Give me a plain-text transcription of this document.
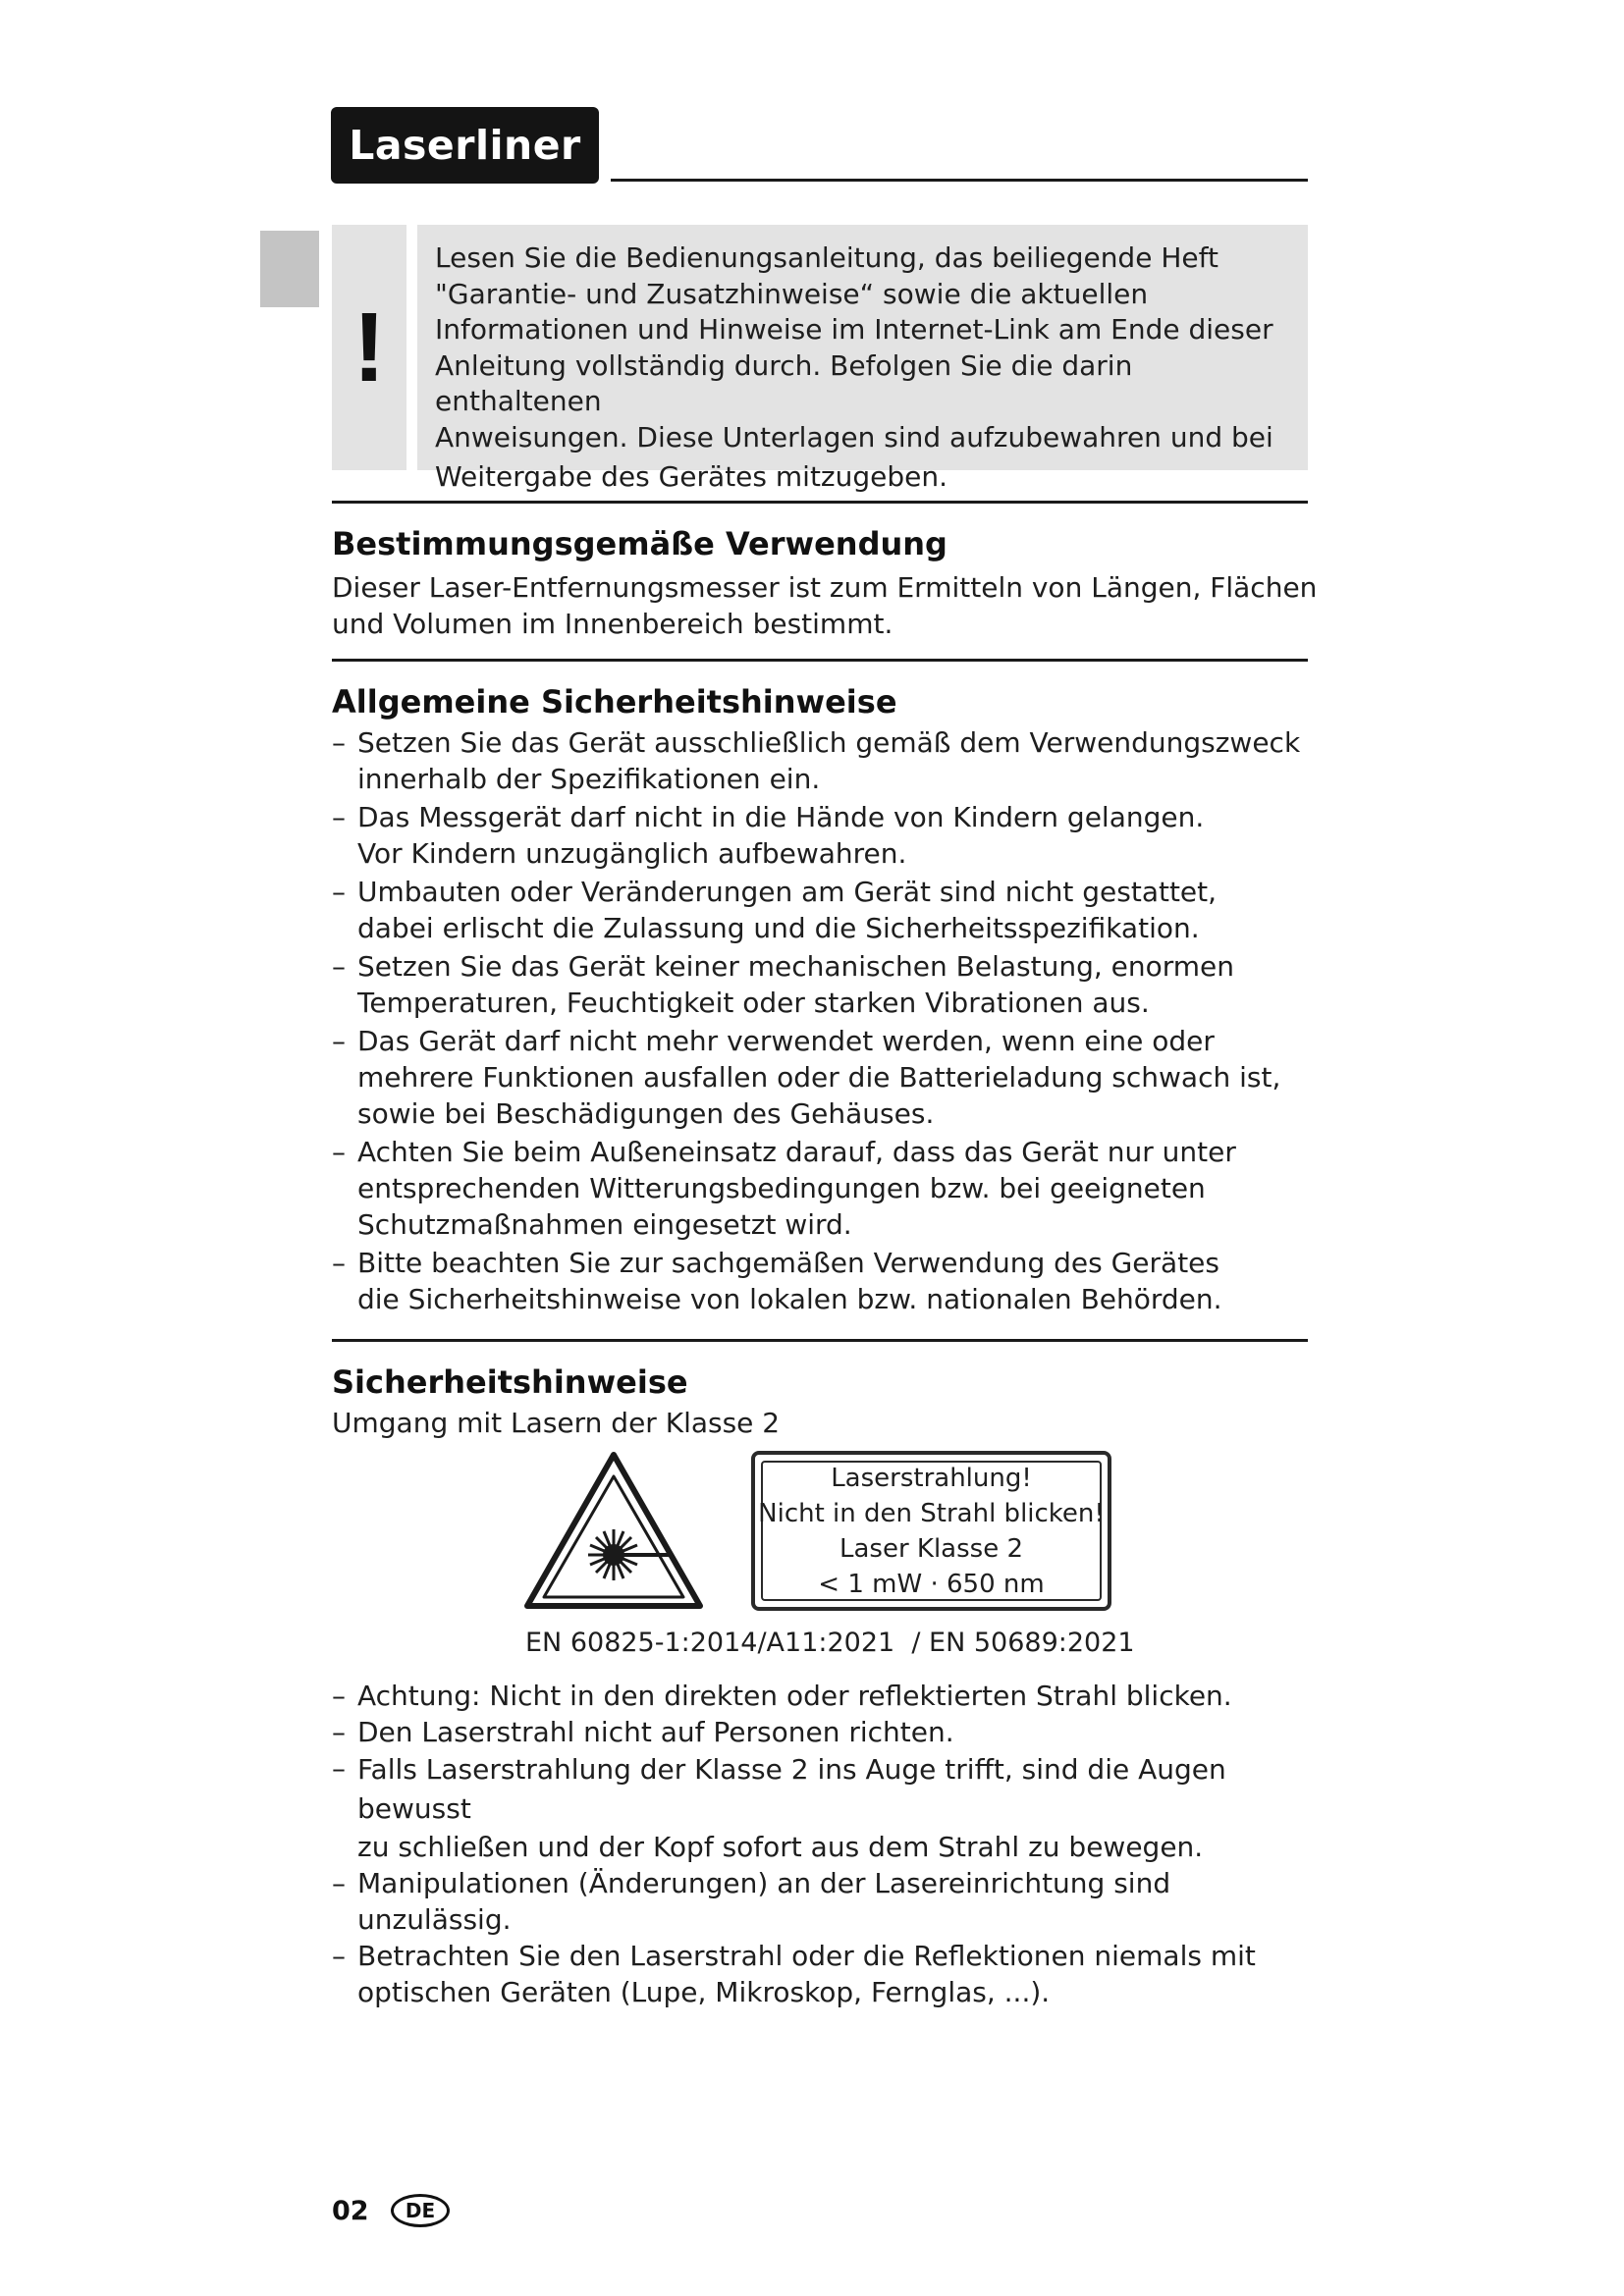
Laserliner
!
Lesen Sie die Bedienungsanleitung, das beiliegende Heft
"Garantie- und Zusatzhinweise“ sowie die aktuellen
Informationen und Hinweise im Internet-Link am Ende dieser
Anleitung vollständig durch. Befolgen Sie die darin enthaltenen
Anweisungen. Diese Unterlagen sind aufzubewahren und bei
Weitergabe des Gerätes mitzugeben.
Bestimmungsgemäße Verwendung
Dieser Laser-Entfernungsmesser ist zum Ermitteln von Längen, Flächen
und Volumen im Innenbereich bestimmt.
Allgemeine Sicherheitshinweise
– Setzen Sie das Gerät ausschließlich gemäß dem Verwendungszweck
innerhalb der Spezifikationen ein.
– Das Messgerät darf nicht in die Hände von Kindern gelangen.
Vor Kindern unzugänglich aufbewahren.
– Umbauten oder Veränderungen am Gerät sind nicht gestattet,
dabei erlischt die Zulassung und die Sicherheitsspezifikation.
– Setzen Sie das Gerät keiner mechanischen Belastung, enormen
Temperaturen, Feuchtigkeit oder starken Vibrationen aus.
– Das Gerät darf nicht mehr verwendet werden, wenn eine oder
mehrere Funktionen ausfallen oder die Batterieladung schwach ist,
sowie bei Beschädigungen des Gehäuses.
– Achten Sie beim Außeneinsatz darauf, dass das Gerät nur unter
entsprechenden Witterungsbedingungen bzw. bei geeigneten
Schutzmaßnahmen eingesetzt wird.
– Bitte beachten Sie zur sachgemäßen Verwendung des Gerätes
die Sicherheitshinweise von lokalen bzw. nationalen Behörden.
Sicherheitshinweise
Umgang mit Lasern der Klasse 2
Laserstrahlung!
Nicht in den Strahl blicken!
Laser Klasse 2
< 1 mW · 650 nm
EN 60825-1:2014/A11:2021  / EN 50689:2021
– Achtung: Nicht in den direkten oder reflektierten Strahl blicken.
– Den Laserstrahl nicht auf Personen richten.
– Falls Laserstrahlung der Klasse 2 ins Auge trifft, sind die Augen bewusst
zu schließen und der Kopf sofort aus dem Strahl zu bewegen.
– Manipulationen (Änderungen) an der Lasereinrichtung sind unzulässig.
– Betrachten Sie den Laserstrahl oder die Reflektionen niemals mit
optischen Geräten (Lupe, Mikroskop, Fernglas, ...).
02	DE
